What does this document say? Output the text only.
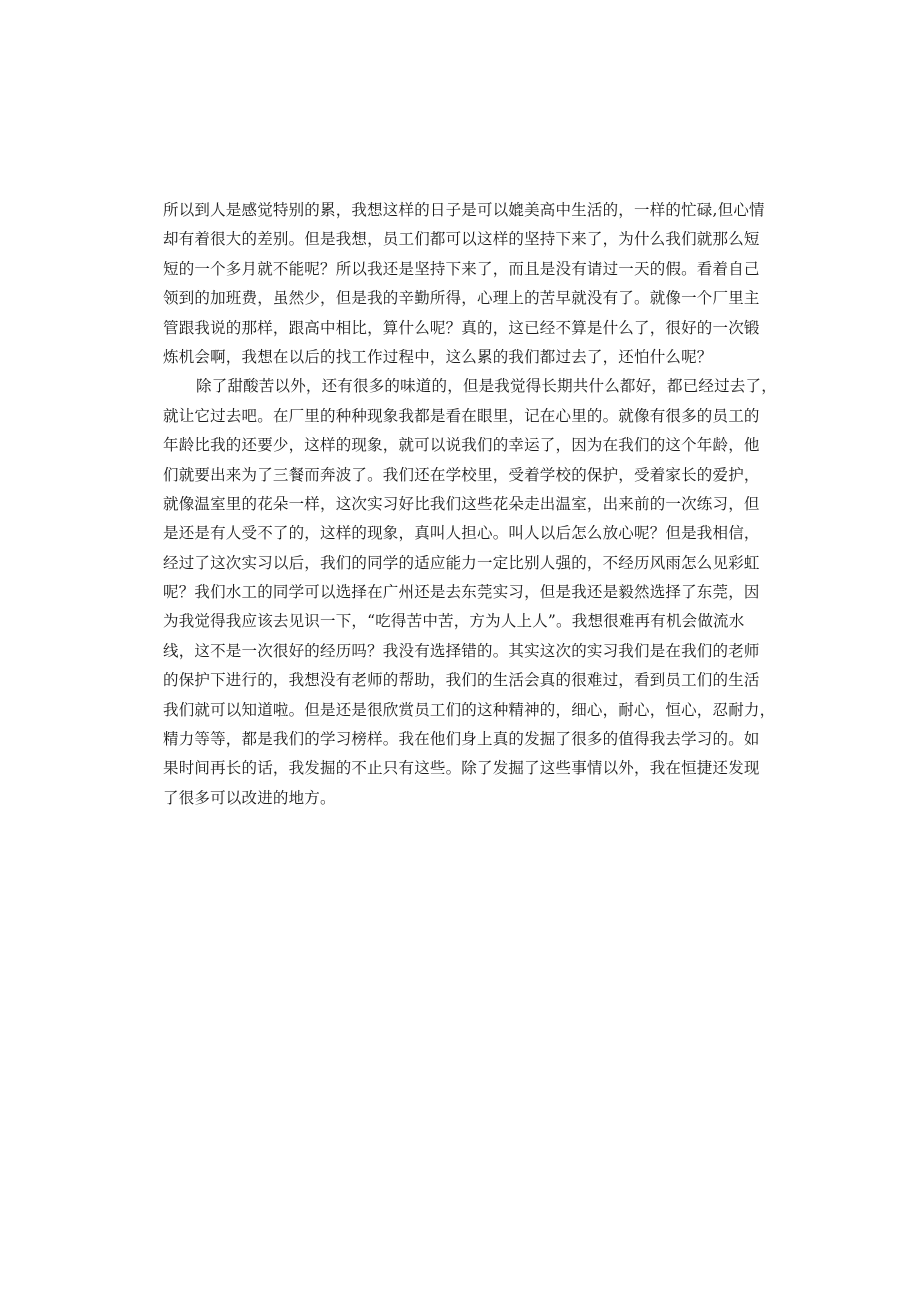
所以到人是感觉特别的累，我想这样的日子是可以媲美高中生活的，一样的忙碌,但心情
却有着很大的差别。但是我想，员工们都可以这样的坚持下来了，为什么我们就那么短
短的一个多月就不能呢？所以我还是坚持下来了，而且是没有请过一天的假。看着自己
领到的加班费，虽然少，但是我的辛勤所得，心理上的苦早就没有了。就像一个厂里主
管跟我说的那样，跟高中相比，算什么呢？真的，这已经不算是什么了，很好的一次锻
炼机会啊，我想在以后的找工作过程中，这么累的我们都过去了，还怕什么呢？
除了甜酸苦以外，还有很多的味道的，但是我觉得长期共什么都好，都已经过去了，
就让它过去吧。在厂里的种种现象我都是看在眼里，记在心里的。就像有很多的员工的
年龄比我的还要少，这样的现象，就可以说我们的幸运了，因为在我们的这个年龄，他
们就要出来为了三餐而奔波了。我们还在学校里，受着学校的保护，受着家长的爱护，
就像温室里的花朵一样，这次实习好比我们这些花朵走出温室，出来前的一次练习，但
是还是有人受不了的，这样的现象，真叫人担心。叫人以后怎么放心呢？但是我相信，
经过了这次实习以后，我们的同学的适应能力一定比别人强的，不经历风雨怎么见彩虹
呢？我们水工的同学可以选择在广州还是去东莞实习，但是我还是毅然选择了东莞，因
为我觉得我应该去见识一下，“吃得苦中苦，方为人上人”。我想很难再有机会做流水
线，这不是一次很好的经历吗？我没有选择错的。其实这次的实习我们是在我们的老师
的保护下进行的，我想没有老师的帮助，我们的生活会真的很难过，看到员工们的生活
我们就可以知道啦。但是还是很欣赏员工们的这种精神的，细心，耐心，恒心，忍耐力，
精力等等，都是我们的学习榜样。我在他们身上真的发掘了很多的值得我去学习的。如
果时间再长的话，我发掘的不止只有这些。除了发掘了这些事情以外，我在恒捷还发现
了很多可以改进的地方。
